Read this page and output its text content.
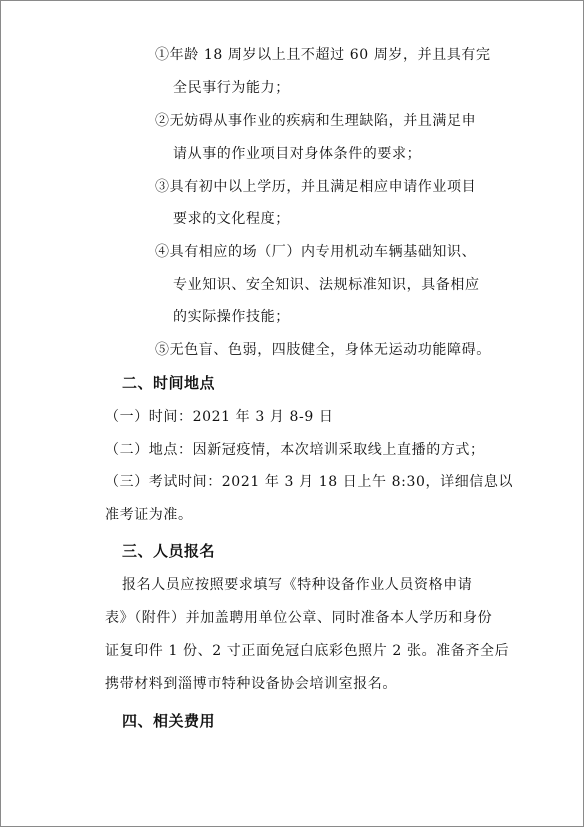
①年龄 18 周岁以上且不超过 60 周岁，并且具有完
全民事行为能力；
②无妨碍从事作业的疾病和生理缺陷，并且满足申
请从事的作业项目对身体条件的要求；
③具有初中以上学历，并且满足相应申请作业项目
要求的文化程度；
④具有相应的场（厂）内专用机动车辆基础知识、
专业知识、安全知识、法规标准知识，具备相应
的实际操作技能；
⑤无色盲、色弱，四肢健全，身体无运动功能障碍。
二、时间地点
（一）时间：2021 年 3 月 8-9 日
（二）地点：因新冠疫情，本次培训采取线上直播的方式；
（三）考试时间：2021 年 3 月 18 日上午 8:30，详细信息以
准考证为准。
三、人员报名
报名人员应按照要求填写《特种设备作业人员资格申请
表》（附件）并加盖聘用单位公章、同时准备本人学历和身份
证复印件 1 份、2 寸正面免冠白底彩色照片 2 张。准备齐全后
携带材料到淄博市特种设备协会培训室报名。
四、相关费用
